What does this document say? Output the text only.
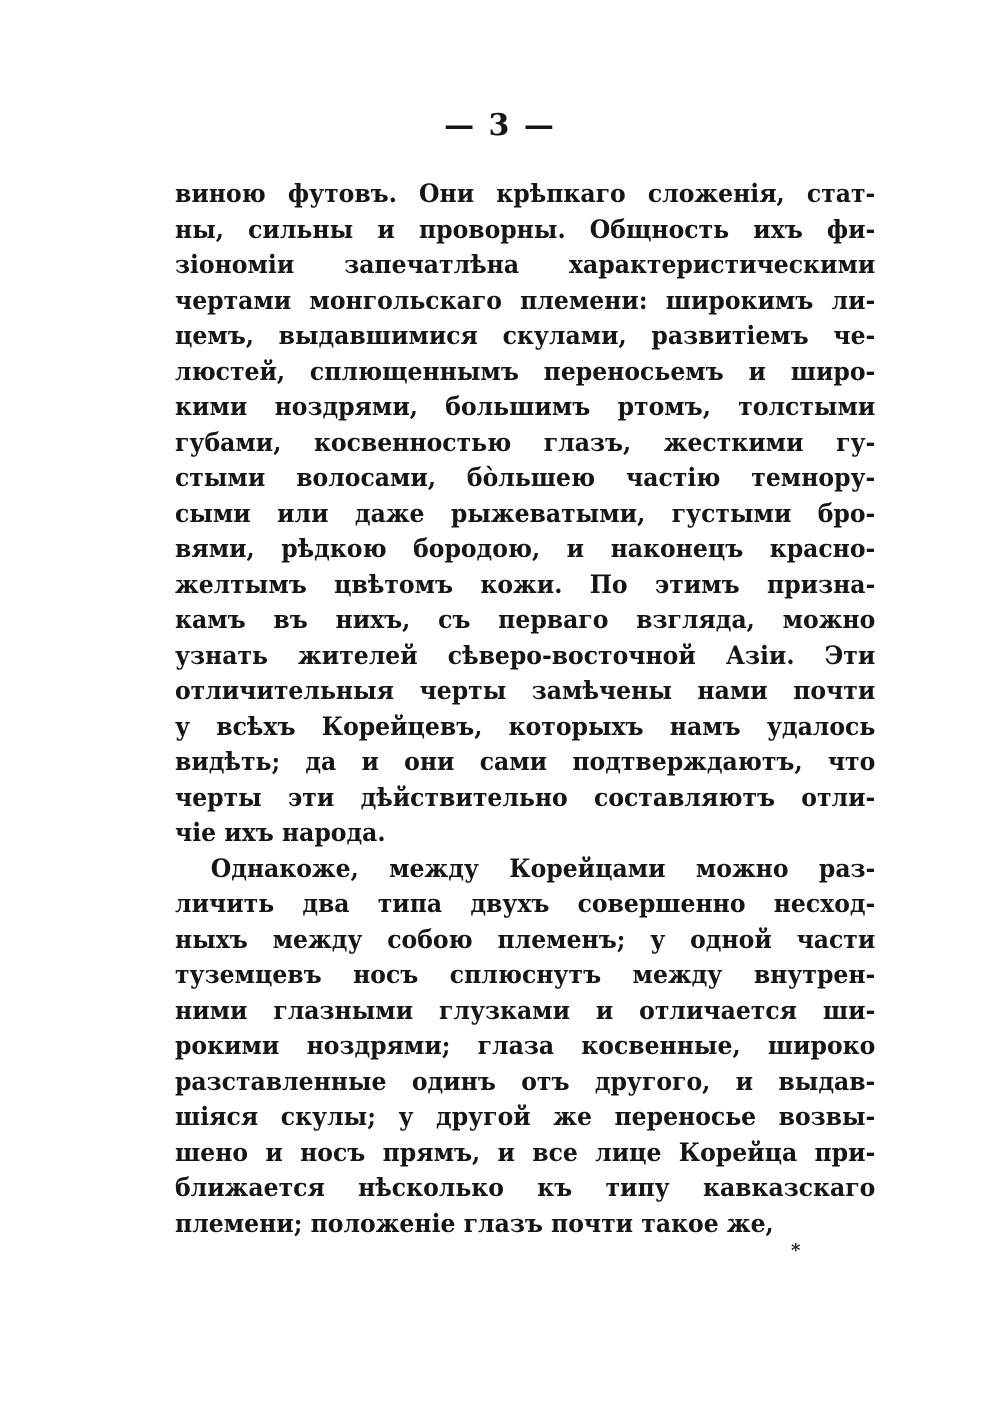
— 3 —
виною футовъ. Они крѣпкаго сложенія, стат-
ны, сильны и проворны. Общность ихъ фи-
зіономіи запечатлѣна характеристическими
чертами монгольскаго племени: широкимъ ли-
цемъ, выдавшимися скулами, развитіемъ че-
люстей, сплющеннымъ переносьемъ и широ-
кими ноздрями, большимъ ртомъ, толстыми
губами, косвенностью глазъ, жесткими гу-
стыми волосами, бо̀льшею частію темнору-
сыми или даже рыжеватыми, густыми бро-
вями, рѣдкою бородою, и наконецъ красно-
желтымъ цвѣтомъ кожи. По этимъ призна-
камъ въ нихъ, съ перваго взгляда, можно
узнать жителей сѣверо-восточной Азіи. Эти
отличительныя черты замѣчены нами почти
у всѣхъ Корейцевъ, которыхъ намъ удалось
видѣть; да и они сами подтверждаютъ, что
черты эти дѣйствительно составляютъ отли-
чіе ихъ народа.
Однакоже, между Корейцами можно раз-
личить два типа двухъ совершенно несход-
ныхъ между собою племенъ; у одной части
туземцевъ носъ сплюснутъ между внутрен-
ними глазными глузками и отличается ши-
рокими ноздрями; глаза косвенные, широко
разставленные одинъ отъ другого, и выдав-
шіяся скулы; у другой же переносье возвы-
шено и носъ прямъ, и все лице Корейца при-
ближается нѣсколько къ типу кавказскаго
племени; положеніе глазъ почти такое же,
*
